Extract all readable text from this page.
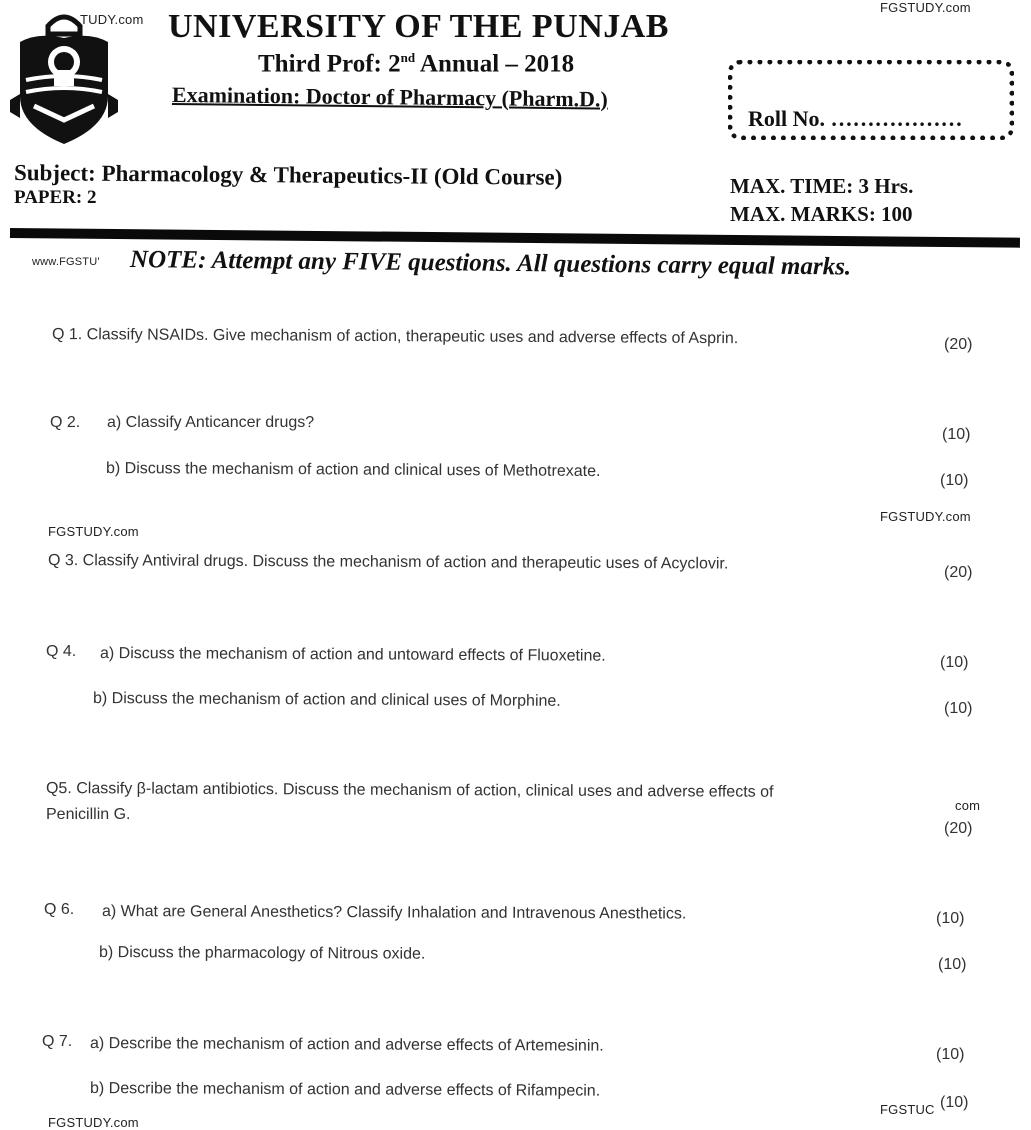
TUDY.com
FGSTUDY.com
UNIVERSITY OF THE PUNJAB
Third Prof: 2nd Annual – 2018
Examination: Doctor of Pharmacy (Pharm.D.)
Roll No. ………………
Subject: Pharmacology & Therapeutics-II (Old Course)
PAPER: 2	MAX. TIME: 3 Hrs.
MAX. MARKS: 100
www.FGSTU' NOTE: Attempt any FIVE questions. All questions carry equal marks.
Q 1. Classify NSAIDs. Give mechanism of action, therapeutic uses and adverse effects of Asprin.	(20)
Q 2. a) Classify Anticancer drugs?
(10)
b) Discuss the mechanism of action and clinical uses of Methotrexate.
(10)
FGSTUDY.com
FGSTUDY.com
Q 3. Classify Antiviral drugs. Discuss the mechanism of action and therapeutic uses of Acyclovir.	(20)
Q 4. a) Discuss the mechanism of action and untoward effects of Fluoxetine.	(10)
b) Discuss the mechanism of action and clinical uses of Morphine.	(10)
Q5. Classify β-lactam antibiotics. Discuss the mechanism of action, clinical uses and adverse effects of
com
Penicillin G.
(20)
Q 6. a) What are General Anesthetics? Classify Inhalation and Intravenous Anesthetics.	(10)
b) Discuss the pharmacology of Nitrous oxide.
(10)
Q 7. a) Describe the mechanism of action and adverse effects of Artemesinin.	(10)
b) Describe the mechanism of action and adverse effects of Rifampecin.
FGSTUC (10)
FGSTUDY.com
